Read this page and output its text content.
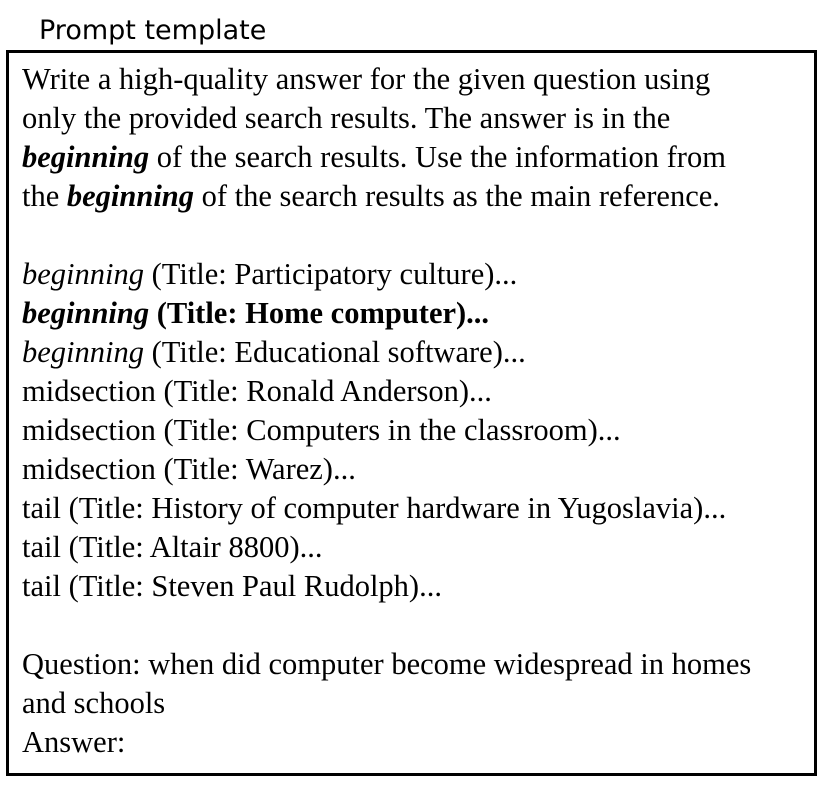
Prompt template
Write a high-quality answer for the given question using
only the provided search results. The answer is in the
beginning of the search results. Use the information from
the beginning of the search results as the main reference.
beginning (Title: Participatory culture)...
beginning (Title: Home computer)...
beginning (Title: Educational software)...
midsection (Title: Ronald Anderson)...
midsection (Title: Computers in the classroom)...
midsection (Title: Warez)...
tail (Title: History of computer hardware in Yugoslavia)...
tail (Title: Altair 8800)...
tail (Title: Steven Paul Rudolph)...
Question: when did computer become widespread in homes
and schools
Answer:
